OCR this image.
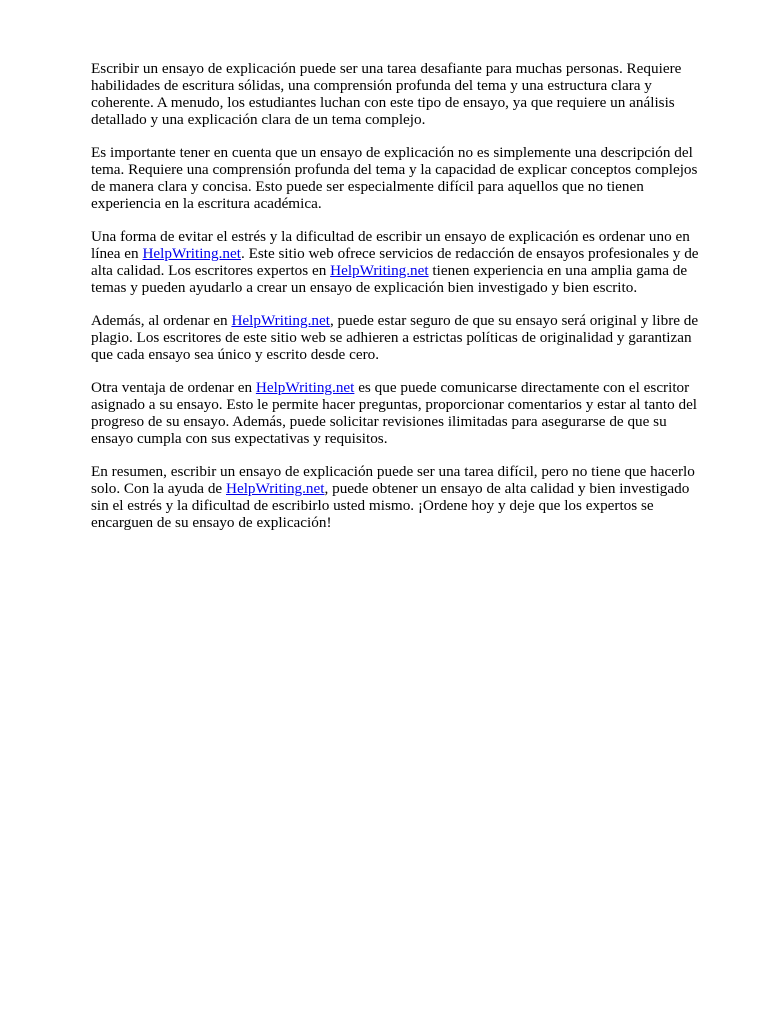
Escribir un ensayo de explicación puede ser una tarea desafiante para muchas personas. Requiere
habilidades de escritura sólidas, una comprensión profunda del tema y una estructura clara y
coherente. A menudo, los estudiantes luchan con este tipo de ensayo, ya que requiere un análisis
detallado y una explicación clara de un tema complejo.

Es importante tener en cuenta que un ensayo de explicación no es simplemente una descripción del
tema. Requiere una comprensión profunda del tema y la capacidad de explicar conceptos complejos
de manera clara y concisa. Esto puede ser especialmente difícil para aquellos que no tienen
experiencia en la escritura académica.

Una forma de evitar el estrés y la dificultad de escribir un ensayo de explicación es ordenar uno en
línea en HelpWriting.net. Este sitio web ofrece servicios de redacción de ensayos profesionales y de
alta calidad. Los escritores expertos en HelpWriting.net tienen experiencia en una amplia gama de
temas y pueden ayudarlo a crear un ensayo de explicación bien investigado y bien escrito.

Además, al ordenar en HelpWriting.net, puede estar seguro de que su ensayo será original y libre de
plagio. Los escritores de este sitio web se adhieren a estrictas políticas de originalidad y garantizan
que cada ensayo sea único y escrito desde cero.

Otra ventaja de ordenar en HelpWriting.net es que puede comunicarse directamente con el escritor
asignado a su ensayo. Esto le permite hacer preguntas, proporcionar comentarios y estar al tanto del
progreso de su ensayo. Además, puede solicitar revisiones ilimitadas para asegurarse de que su
ensayo cumpla con sus expectativas y requisitos.

En resumen, escribir un ensayo de explicación puede ser una tarea difícil, pero no tiene que hacerlo
solo. Con la ayuda de HelpWriting.net, puede obtener un ensayo de alta calidad y bien investigado
sin el estrés y la dificultad de escribirlo usted mismo. ¡Ordene hoy y deje que los expertos se
encarguen de su ensayo de explicación!
